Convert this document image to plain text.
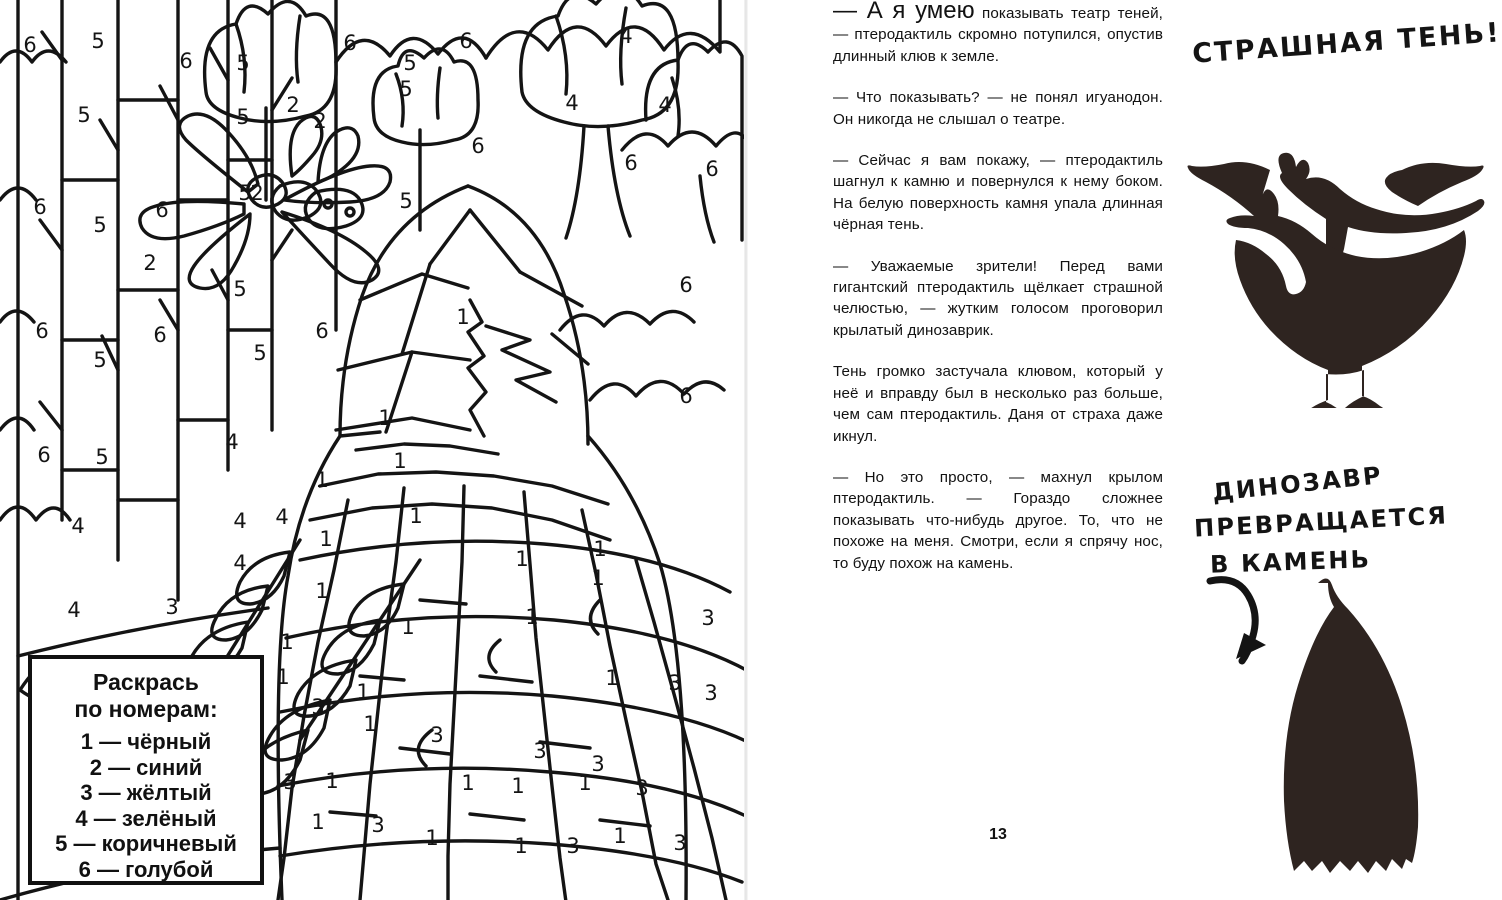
6	5
6 5
6
5
6	4
5	5 2
2
5
4	4
6
5
6
5
2
6
5
6	6
6
2
5
6
5
6	6
5
1
6
6 5
4
1
1
1
4	4 4
1
1
1
4
1
1
1
4	3
1
1	1	3
1
1
1 3 3
3
1	3
3
3
3 1	1 1	1 3
1 3
1	1 3 1 3
Раскрась
по номерам:
1 — чёрный
2 — синий
3 — жёлтый
4 — зелёный
5 — коричневый
6 — голубой

— А я умею показывать театр теней, — птеродактиль скромно потупился, опустив длинный клюв к земле.

— Что показывать? — не понял игуанодон. Он никогда не слышал о театре.

— Сейчас я вам покажу, — птеродактиль шагнул к камню и повернулся к нему боком. На белую поверхность камня упала длинная чёрная тень.

— Уважаемые зрители! Перед вами гигантский птеродактиль щёлкает страшной челюстью, — жутким голосом проговорил крылатый динозаврик.

Тень громко застучала клювом, который у неё и вправду был в несколько раз больше, чем сам птеродактиль. Даня от страха даже икнул.

— Но это просто, — махнул крылом птеродактиль. — Гораздо сложнее показывать что-нибудь другое. То, что не похоже на меня. Смотри, если я спрячу нос, то буду похож на камень.

13
СТРАШНАЯ ТЕНЬ!
ДИНОЗАВР
ПРЕВРАЩАЕТСЯ
В КАМЕНЬ
